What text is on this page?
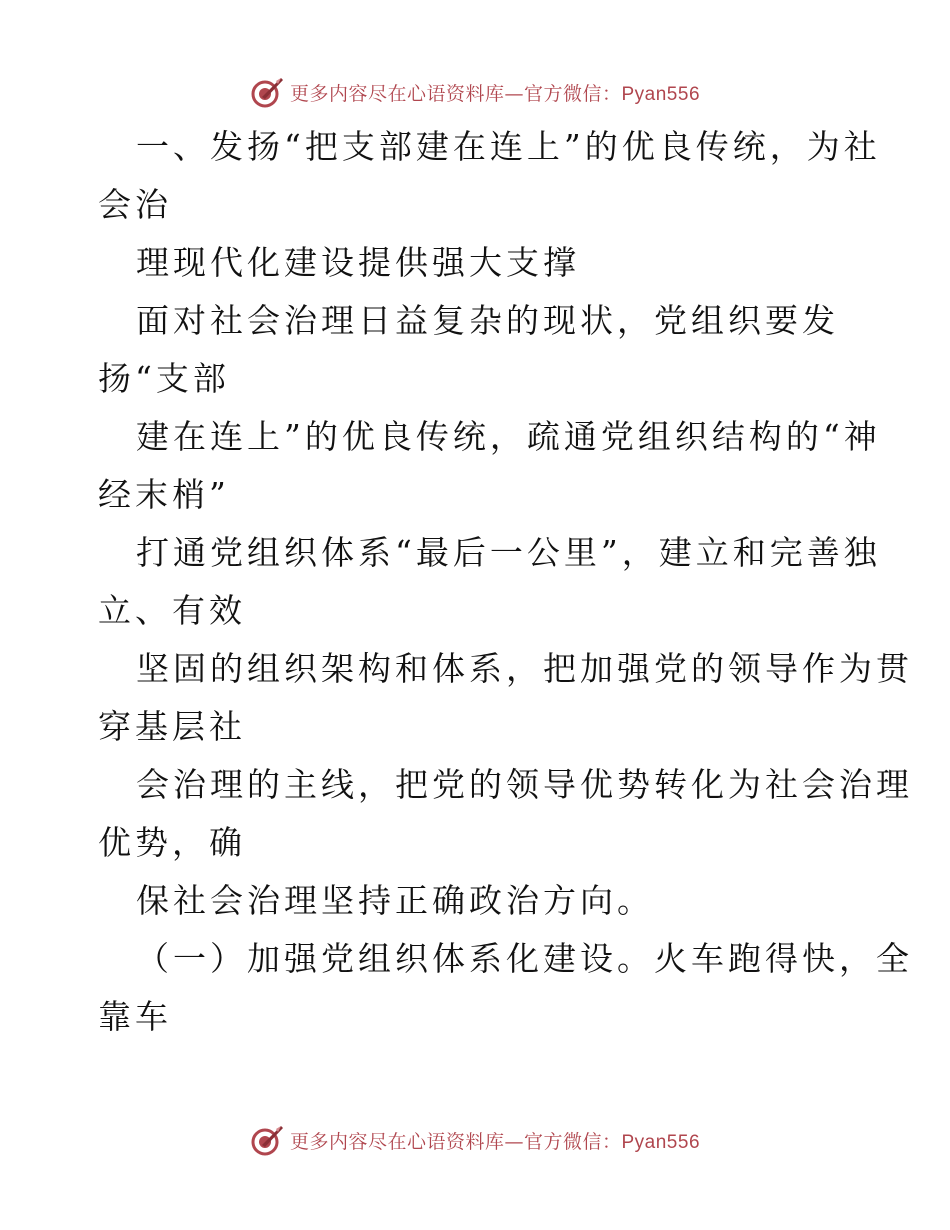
更多内容尽在心语资料库—官方微信：Pyan556
一、发扬“把支部建在连上”的优良传统，为社
会治
理现代化建设提供强大支撑
面对社会治理日益复杂的现状，党组织要发
扬“支部
建在连上”的优良传统，疏通党组织结构的“神
经末梢”
打通党组织体系“最后一公里”，建立和完善独
立、有效
坚固的组织架构和体系，把加强党的领导作为贯
穿基层社
会治理的主线，把党的领导优势转化为社会治理
优势，确
保社会治理坚持正确政治方向。
（一）加强党组织体系化建设。火车跑得快，全
靠车
更多内容尽在心语资料库—官方微信：Pyan556
